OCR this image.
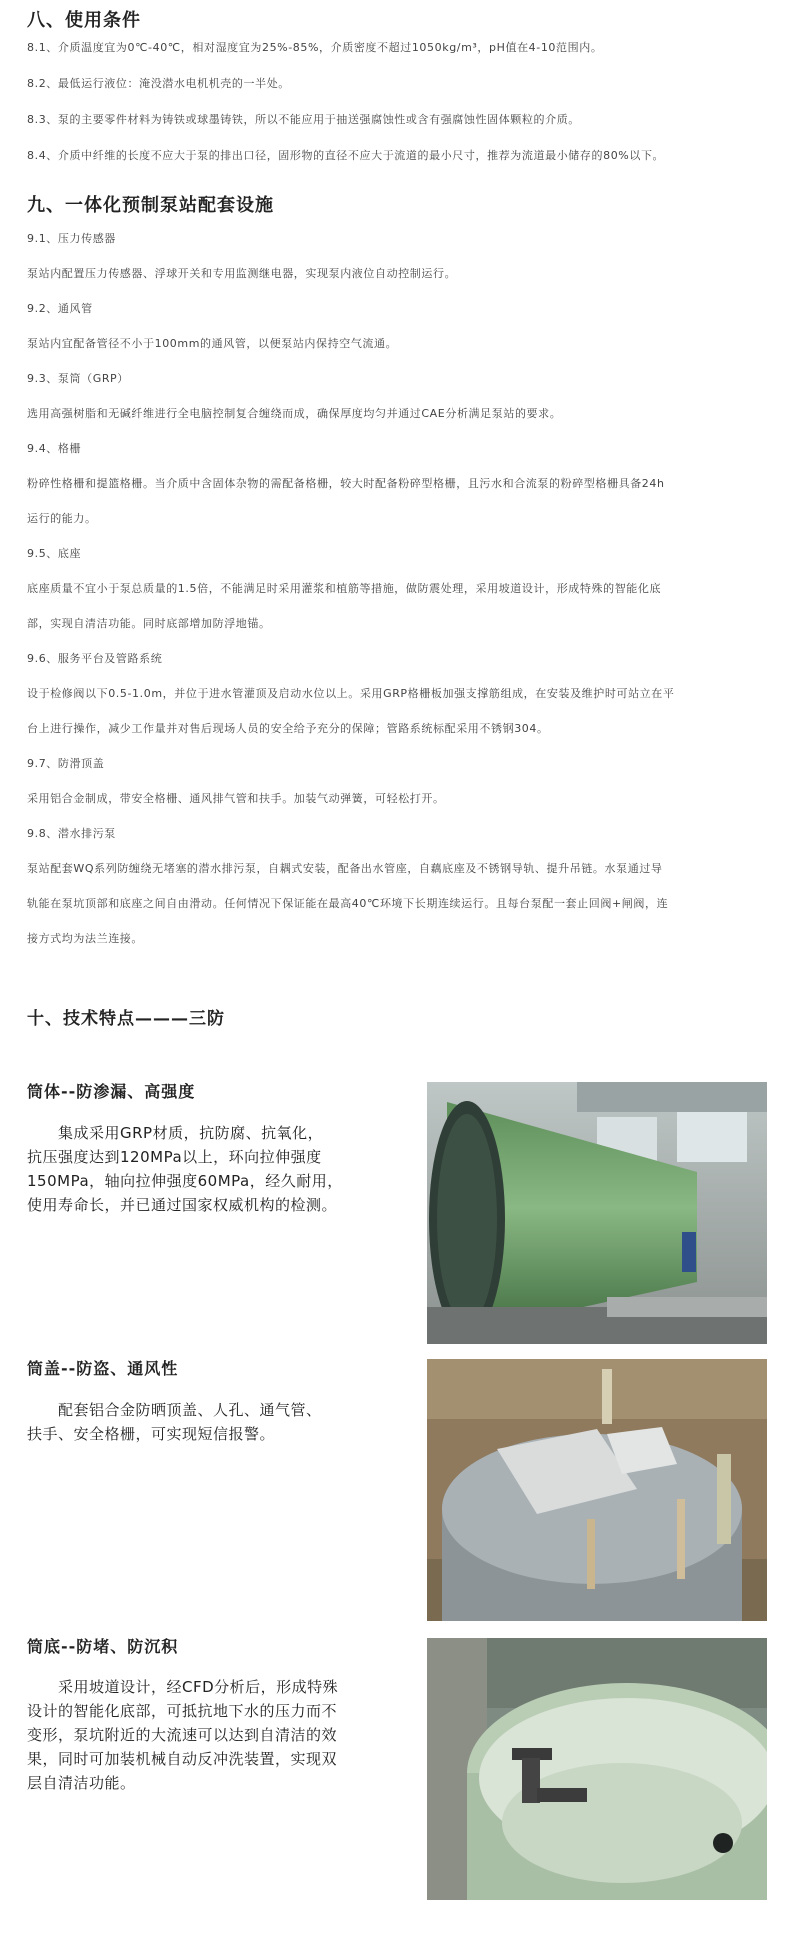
八、使用条件
8.1、介质温度宜为0℃-40℃，相对湿度宜为25%-85%，介质密度不超过1050kg/m³，pH值在4-10范围内。
8.2、最低运行液位：淹没潜水电机机壳的一半处。
8.3、泵的主要零件材料为铸铁或球墨铸铁，所以不能应用于抽送强腐蚀性或含有强腐蚀性固体颗粒的介质。
8.4、介质中纤维的长度不应大于泵的排出口径，固形物的直径不应大于流道的最小尺寸，推荐为流道最小储存的80%以下。
九、一体化预制泵站配套设施
9.1、压力传感器
泵站内配置压力传感器、浮球开关和专用监测继电器，实现泵内液位自动控制运行。
9.2、通风管
泵站内宜配备管径不小于100mm的通风管，以便泵站内保持空气流通。
9.3、泵筒（GRP）
选用高强树脂和无碱纤维进行全电脑控制复合缠绕而成，确保厚度均匀并通过CAE分析满足泵站的要求。
9.4、格栅
粉碎性格栅和提篮格栅。当介质中含固体杂物的需配备格栅，较大时配备粉碎型格栅，且污水和合流泵的粉碎型格栅具备24h
运行的能力。
9.5、底座
底座质量不宜小于泵总质量的1.5倍，不能满足时采用灌浆和植筋等措施，做防震处理，采用坡道设计，形成特殊的智能化底
部，实现自清洁功能。同时底部增加防浮地锚。
9.6、服务平台及管路系统
设于检修阀以下0.5-1.0m，并位于进水管灌顶及启动水位以上。采用GRP格栅板加强支撑筋组成，在安装及维护时可站立在平
台上进行操作，减少工作量并对售后现场人员的安全给予充分的保障；管路系统标配采用不锈钢304。
9.7、防滑顶盖
采用铝合金制成，带安全格栅、通风排气管和扶手。加装气动弹簧，可轻松打开。
9.8、潜水排污泵
泵站配套WQ系列防缠绕无堵塞的潜水排污泵，自耦式安装，配备出水管座，自藕底座及不锈钢导轨、提升吊链。水泵通过导
轨能在泵坑顶部和底座之间自由滑动。任何情况下保证能在最高40℃环境下长期连续运行。且每台泵配一套止回阀+闸阀，连
接方式均为法兰连接。
十、技术特点———三防
筒体--防渗漏、高强度
　　集成采用GRP材质，抗防腐、抗氧化，
抗压强度达到120MPa以上，环向拉伸强度
150MPa，轴向拉伸强度60MPa，经久耐用，
使用寿命长，并已通过国家权威机构的检测。
筒盖--防盗、通风性
　　配套铝合金防晒顶盖、人孔、通气管、
扶手、安全格栅，可实现短信报警。
筒底--防堵、防沉积
　　采用坡道设计，经CFD分析后，形成特殊
设计的智能化底部，可抵抗地下水的压力而不
变形，泵坑附近的大流速可以达到自清洁的效
果，同时可加装机械自动反冲洗装置，实现双
层自清洁功能。
